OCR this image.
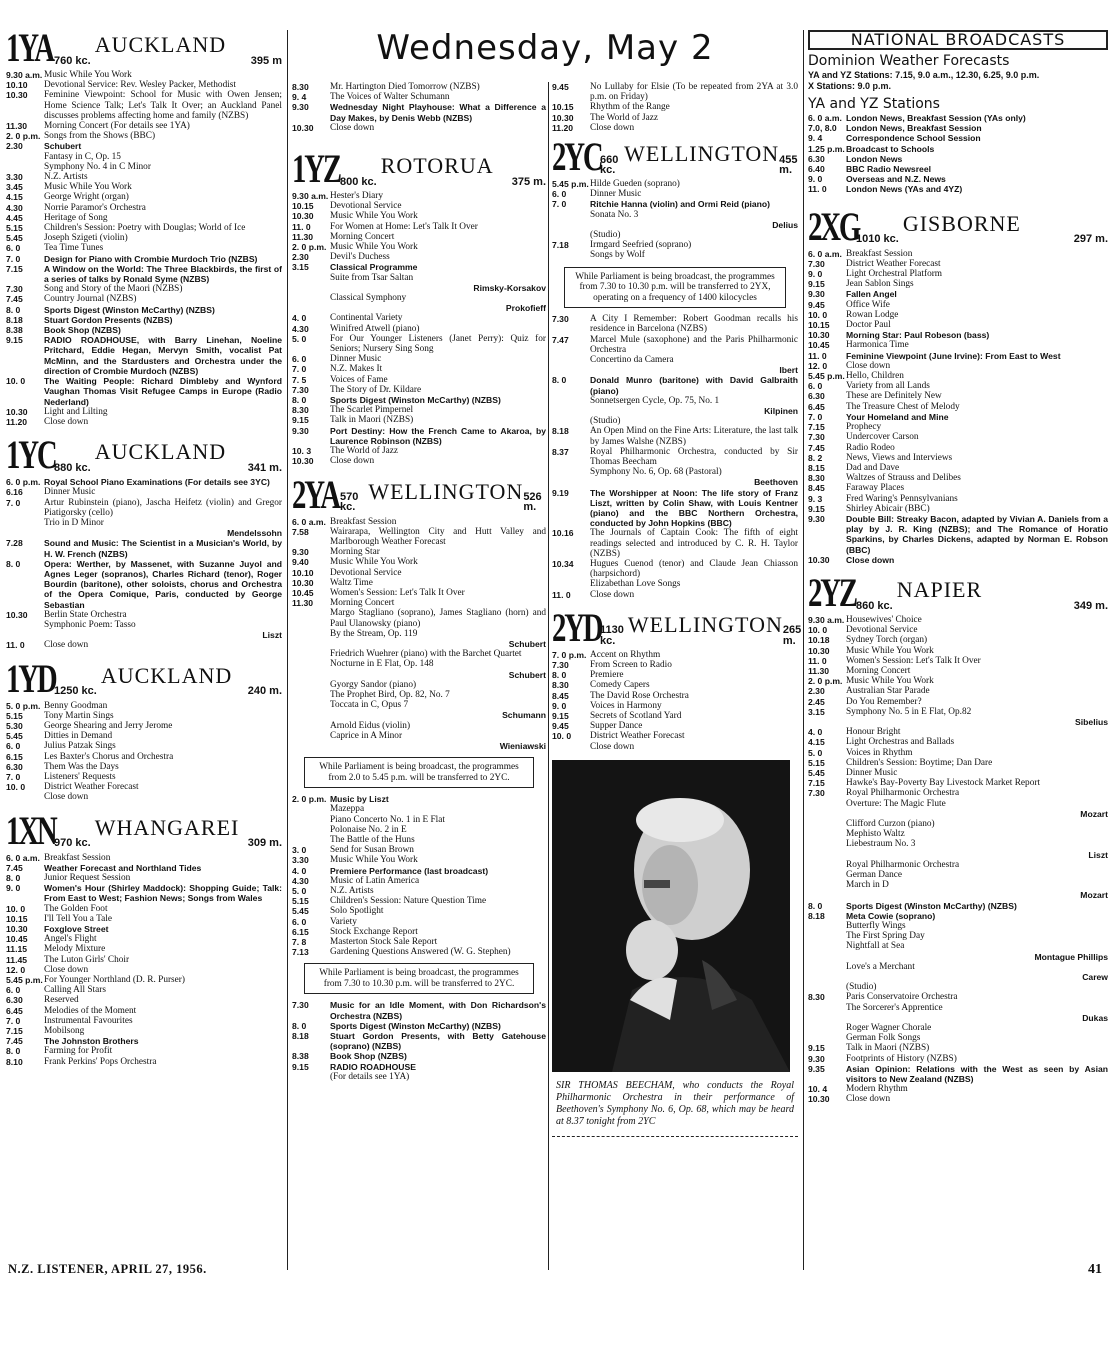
Wednesday, May 2
1YA 760 kc.
AUCKLAND
395 m
9.30 a.m. Music While You Work
10.10	Devotional Service: Rev. Wesley Packer, Methodist
10.30	Feminine Viewpoint: School for Music with Owen Jensen; Home Science Talk; Let's Talk It Over; an Auckland Panel discusses problems affecting home and family (NZBS)
11.30	Morning Concert (For details see 1YA)
2. 0 p.m. Songs from the Shows (BBC)
2.30	Schubert
Fantasy in C, Op. 15
Symphony No. 4 in C Minor
3.30	N.Z. Artists
3.45	Music While You Work
4.15	George Wright (organ)
4.30	Norrie Paramor's Orchestra
4.45	Heritage of Song
5.15	Children's Session: Poetry with Douglas; World of Ice
5.45	Joseph Szigeti (violin)
6. 0	Tea Time Tunes
7. 0	Design for Piano with Crombie Murdoch Trio (NZBS)
7.15	A Window on the World: The Three Blackbirds, the first of a series of talks by Ronald Syme (NZBS)
7.30	Song and Story of the Maori (NZBS)
7.45	Country Journal (NZBS)
8. 0	Sports Digest (Winston McCarthy) (NZBS)
8.18	Stuart Gordon Presents (NZBS)
8.38	Book Shop (NZBS)
9.15	RADIO ROADHOUSE, with Barry Linehan, Noeline Pritchard, Eddie Hegan, Mervyn Smith, vocalist Pat McMinn, and the Stardusters and Orchestra under the direction of Crombie Murdoch (NZBS)
10. 0	The Waiting People: Richard Dimbleby and Wynford Vaughan Thomas Visit Refugee Camps in Europe (Radio Nederland)
10.30	Light and Lilting
11.20	Close down
1YC
880 kc.
AUCKLAND
341 m.
6. 0 p.m. Royal School Piano Examinations (For details see 3YC)
6.16	Dinner Music
7. 0	Artur Rubinstein (piano), Jascha Heifetz (violin) and Gregor Piatigorsky (cello)
Trio in D Minor
Mendelssohn
7.28	Sound and Music: The Scientist in a Musician's World, by H. W. French (NZBS)
8. 0	Opera: Werther, by Massenet, with Suzanne Juyol and Agnes Leger (sopranos), Charles Richard (tenor), Roger Bourdin (baritone), other soloists, chorus and Orchestra of the Opera Comique, Paris, conducted by George Sebastian
10.30	Berlin State Orchestra
Symphonic Poem: Tasso
Liszt
11. 0	Close down
1YD
1250 kc.
AUCKLAND
240 m.
5. 0 p.m. Benny Goodman
5.15	Tony Martin Sings
5.30	George Shearing and Jerry Jerome
5.45	Ditties in Demand
6. 0	Julius Patzak Sings
6.15	Les Baxter's Chorus and Orchestra
6.30	Them Was the Days
7. 0	Listeners' Requests
10. 0	District Weather Forecast
Close down
1XN
970 kc.
WHANGAREI
309 m.
6. 0 a.m. Breakfast Session
7.45	Weather Forecast and Northland Tides
8. 0	Junior Request Session
9. 0	Women's Hour (Shirley Maddock): Shopping Guide; Talk: From East to West; Fashion News; Songs from Wales
10. 0	The Golden Foot
10.15	I'll Tell You a Tale
10.30	Foxglove Street
10.45	Angel's Flight
11.15	Melody Mixture
11.45	The Luton Girls' Choir
12. 0	Close down
5.45 p.m. For Younger Northland (D. R. Purser)
6. 0	Calling All Stars
6.30	Reserved
6.45	Melodies of the Moment
7. 0	Instrumental Favourites
7.15	Mobilsong
7.45	The Johnston Brothers
8. 0	Farming for Profit
8.10	Frank Perkins' Pops Orchestra
8.30	Mr. Hartington Died Tomorrow (NZBS)
9. 4	The Voices of Walter Schumann
9.30	Wednesday Night Playhouse: What a Difference a Day Makes, by Denis Webb (NZBS)
10.30	Close down
1YZ 800 kc.
ROTORUA
375 m.
9.30 a.m. Hester's Diary
10.15	Devotional Service
10.30	Music While You Work
11. 0	For Women at Home: Let's Talk It Over
11.30	Morning Concert
2. 0 p.m. Music While You Work
2.30	Devil's Duchess
3.15	Classical Programme
Suite from Tsar Saltan
Rimsky-Korsakov
Classical Symphony
Prokofieff
4. 0	Continental Variety
4.30	Winifred Atwell (piano)
5. 0	For Our Younger Listeners (Janet Perry): Quiz for Seniors; Nursery Sing Song
6. 0	Dinner Music
7. 0	N.Z. Makes It
7. 5	Voices of Fame
7.30	The Story of Dr. Kildare
8. 0	Sports Digest (Winston McCarthy) (NZBS)
8.30	The Scarlet Pimpernel
9.15	Talk in Maori (NZBS)
9.30	Port Destiny: How the French Came to Akaroa, by Laurence Robinson (NZBS)
10. 3	The World of Jazz
10.30	Close down
2YA 570 kc.
WELLINGTON 526 m.
6. 0 a.m. Breakfast Session
7.58	Wairarapa, Wellington City and Hutt Valley and Marlborough Weather Forecast
9.30	Morning Star
9.40	Music While You Work
10.10	Devotional Service
10.30	Waltz Time
10.45	Women's Session: Let's Talk It Over
11.30	Morning Concert
Margo Stagliano (soprano), James Stagliano (horn) and Paul Ulanowsky (piano)
By the Stream, Op. 119
Schubert
Friedrich Wuehrer (piano) with the Barchet Quartet
Nocturne in E Flat, Op. 148
Schubert
Gyorgy Sandor (piano)
The Prophet Bird, Op. 82, No. 7
Toccata in C, Opus 7
Schumann
Arnold Eidus (violin)
Caprice in A Minor
Wieniawski
While Parliament is being broadcast, the programmes from 2.0 to 5.45 p.m. will be transferred to 2YC.
2. 0 p.m. Music by Liszt
Mazeppa
Piano Concerto No. 1 in E Flat
Polonaise No. 2 in E
The Battle of the Huns
3. 0	Send for Susan Brown
3.30	Music While You Work
4. 0	Premiere Performance (last broadcast)
4.30	Music of Latin America
5. 0	N.Z. Artists
5.15	Children's Session: Nature Question Time
5.45	Solo Spotlight
6. 0	Variety
6.15	Stock Exchange Report
7. 8	Masterton Stock Sale Report
7.13	Gardening Questions Answered (W. G. Stephen)
While Parliament is being broadcast, the programmes from 7.30 to 10.30 p.m. will be transferred to 2YC.
7.30	Music for an Idle Moment, with Don Richardson's Orchestra (NZBS)
8. 0	Sports Digest (Winston McCarthy) (NZBS)
8.18	Stuart Gordon Presents, with Betty Gatehouse (soprano) (NZBS)
8.38	Book Shop (NZBS)
9.15	RADIO ROADHOUSE
(For details see 1YA)
9.45	No Lullaby for Elsie (To be repeated from 2YA at 3.0 p.m. on Friday)
10.15	Rhythm of the Range
10.30	The World of Jazz
11.20	Close down
2YC
660 kc.
WELLINGTON 455 m.
5.45 p.m. Hilde Gueden (soprano)
6. 0	Dinner Music
7. 0	Ritchie Hanna (violin) and Ormi Reid (piano)
Sonata No. 3
Delius
(Studio)
7.18	Irmgard Seefried (soprano)
Songs by Wolf
While Parliament is being broadcast, the programmes from 7.30 to 10.30 p.m. will be transferred to 2YX, operating on a frequency of 1400 kilocycles
7.30	A City I Remember: Robert Goodman recalls his residence in Barcelona (NZBS)
7.47	Marcel Mule (saxophone) and the Paris Philharmonic Orchestra
Concertino da Camera
Ibert
8. 0	Donald Munro (baritone) with David Galbraith (piano)
Sonnetsergen Cycle, Op. 75, No. 1
Kilpinen
(Studio)
8.18	An Open Mind on the Fine Arts: Literature, the last talk by James Walshe (NZBS)
8.37	Royal Philharmonic Orchestra, conducted by Sir Thomas Beecham
Symphony No. 6, Op. 68 (Pastoral)
Beethoven
9.19	The Worshipper at Noon: The life story of Franz Liszt, written by Colin Shaw, with Louis Kentner (piano) and the BBC Northern Orchestra, conducted by John Hopkins (BBC)
10.16	The Journals of Captain Cook: The fifth of eight readings selected and introduced by C. R. H. Taylor (NZBS)
10.34	Hugues Cuenod (tenor) and Claude Jean Chiasson (harpsichord)
Elizabethan Love Songs
11. 0	Close down
2YD
1130 kc.
WELLINGTON 265 m.
7. 0 p.m. Accent on Rhythm
7.30	From Screen to Radio
8. 0	Premiere
8.30	Comedy Capers
8.45	The David Rose Orchestra
9. 0	Voices in Harmony
9.15	Secrets of Scotland Yard
9.45	Supper Dance
10. 0	District Weather Forecast
Close down
SIR THOMAS BEECHAM, who conducts the Royal Philharmonic Orchestra in their performance of Beethoven's Symphony No. 6, Op. 68, which may be heard at 8.37 tonight from 2YC
NATIONAL BROADCASTS
Dominion Weather Forecasts
YA and YZ Stations: 7.15, 9.0 a.m., 12.30, 6.25, 9.0 p.m.
X Stations: 9.0 p.m.
YA and YZ Stations
6. 0 a.m. London News, Breakfast Session (YAs only)
7.0, 8.0	London News, Breakfast Session
9. 4	Correspondence School Session
1.25 p.m. Broadcast to Schools
6.30	London News
6.40	BBC Radio Newsreel
9. 0	Overseas and N.Z. News
11. 0	London News (YAs and 4YZ)
2XG
1010 kc.
GISBORNE
297 m.
6. 0 a.m. Breakfast Session
7.30	District Weather Forecast
9. 0	Light Orchestral Platform
9.15	Jean Sablon Sings
9.30	Fallen Angel
9.45	Office Wife
10. 0	Rowan Lodge
10.15	Doctor Paul
10.30	Morning Star: Paul Robeson (bass)
10.45	Harmonica Time
11. 0	Feminine Viewpoint (June Irvine): From East to West
12. 0	Close down
5.45 p.m. Hello, Children
6. 0	Variety from all Lands
6.30	These are Definitely New
6.45	The Treasure Chest of Melody
7. 0	Your Homeland and Mine
7.15	Prophecy
7.30	Undercover Carson
7.45	Radio Rodeo
8. 2	News, Views and Interviews
8.15	Dad and Dave
8.30	Waltzes of Strauss and Delibes
8.45	Faraway Places
9. 3	Fred Waring's Pennsylvanians
9.15	Shirley Abicair (BBC)
9.30	Double Bill: Streaky Bacon, adapted by Vivian A. Daniels from a play by J. R. King (NZBS); and The Romance of Horatio Sparkins, by Charles Dickens, adapted by Norman E. Robson (BBC)
10.30	Close down
2YZ 860 kc.
NAPIER
349 m.
9.30 a.m. Housewives' Choice
10. 0	Devotional Service
10.18	Sydney Torch (organ)
10.30	Music While You Work
11. 0	Women's Session: Let's Talk It Over
11.30	Morning Concert
2. 0 p.m. Music While You Work
2.30	Australian Star Parade
2.45	Do You Remember?
3.15	Symphony No. 5 in E Flat, Op.82
Sibelius
4. 0	Honour Bright
4.15	Light Orchestras and Ballads
5. 0	Voices in Rhythm
5.15	Children's Session: Boytime; Dan Dare
5.45	Dinner Music
7.15	Hawke's Bay-Poverty Bay Livestock Market Report
7.30	Royal Philharmonic Orchestra
Overture: The Magic Flute
Mozart
Clifford Curzon (piano)
Mephisto Waltz
Liebestraum No. 3
Liszt
Royal Philharmonic Orchestra
German Dance
March in D
Mozart
8. 0	Sports Digest (Winston McCarthy) (NZBS)
8.18	Meta Cowie (soprano)
Butterfly Wings
The First Spring Day
Nightfall at Sea
Montague Phillips
Love's a Merchant
Carew
(Studio)
8.30	Paris Conservatoire Orchestra
The Sorcerer's Apprentice
Dukas
Roger Wagner Chorale
German Folk Songs
9.15	Talk in Maori (NZBS)
9.30	Footprints of History (NZBS)
9.35	Asian Opinion: Relations with the West as seen by Asian visitors to New Zealand (NZBS)
10. 4	Modern Rhythm
10.30	Close down
N.Z. LISTENER, APRIL 27, 1956.	41
